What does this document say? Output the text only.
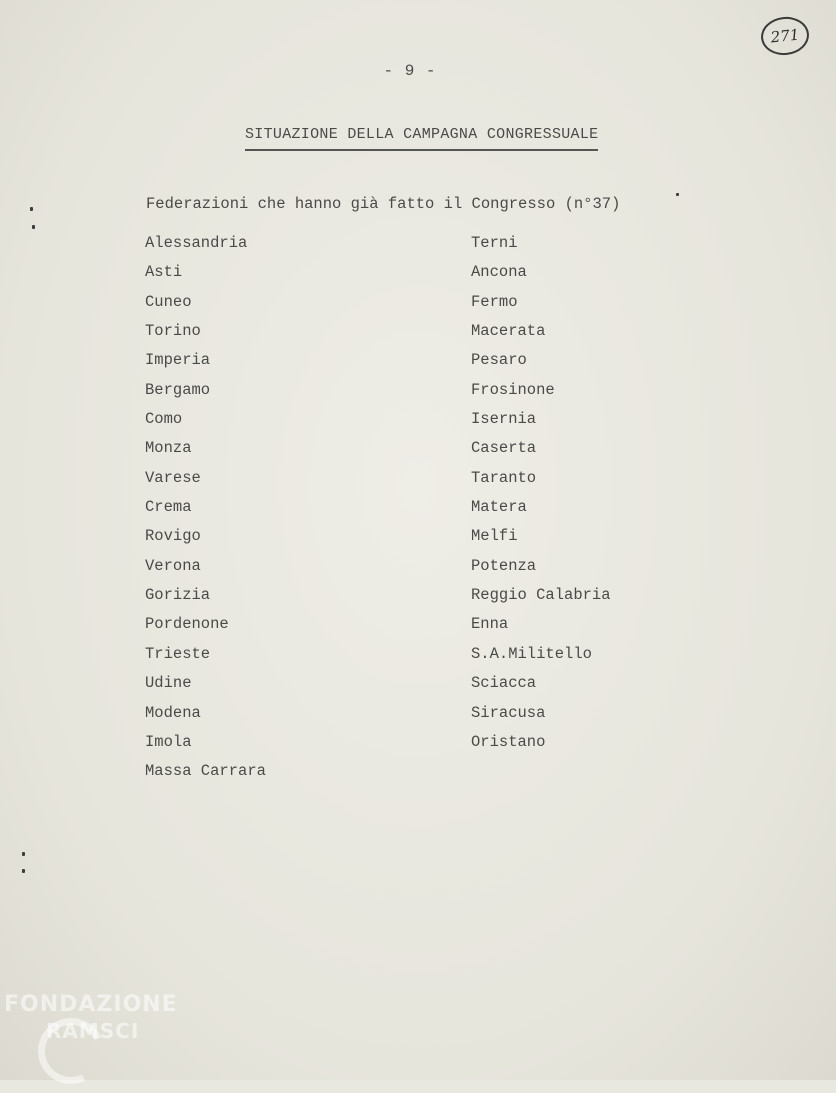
271
- 9 -
SITUAZIONE DELLA CAMPAGNA CONGRESSUALE
Federazioni che hanno già fatto il Congresso (n°37)
Alessandria
Asti
Cuneo
Torino
Imperia
Bergamo
Como
Monza
Varese
Crema
Rovigo
Verona
Gorizia
Pordenone
Trieste
Udine
Modena
Imola
Massa Carrara
Terni
Ancona
Fermo
Macerata
Pesaro
Frosinone
Isernia
Caserta
Taranto
Matera
Melfi
Potenza
Reggio Calabria
Enna
S.A.Militello
Sciacca
Siracusa
Oristano
FONDAZIONE
RAMSCI
